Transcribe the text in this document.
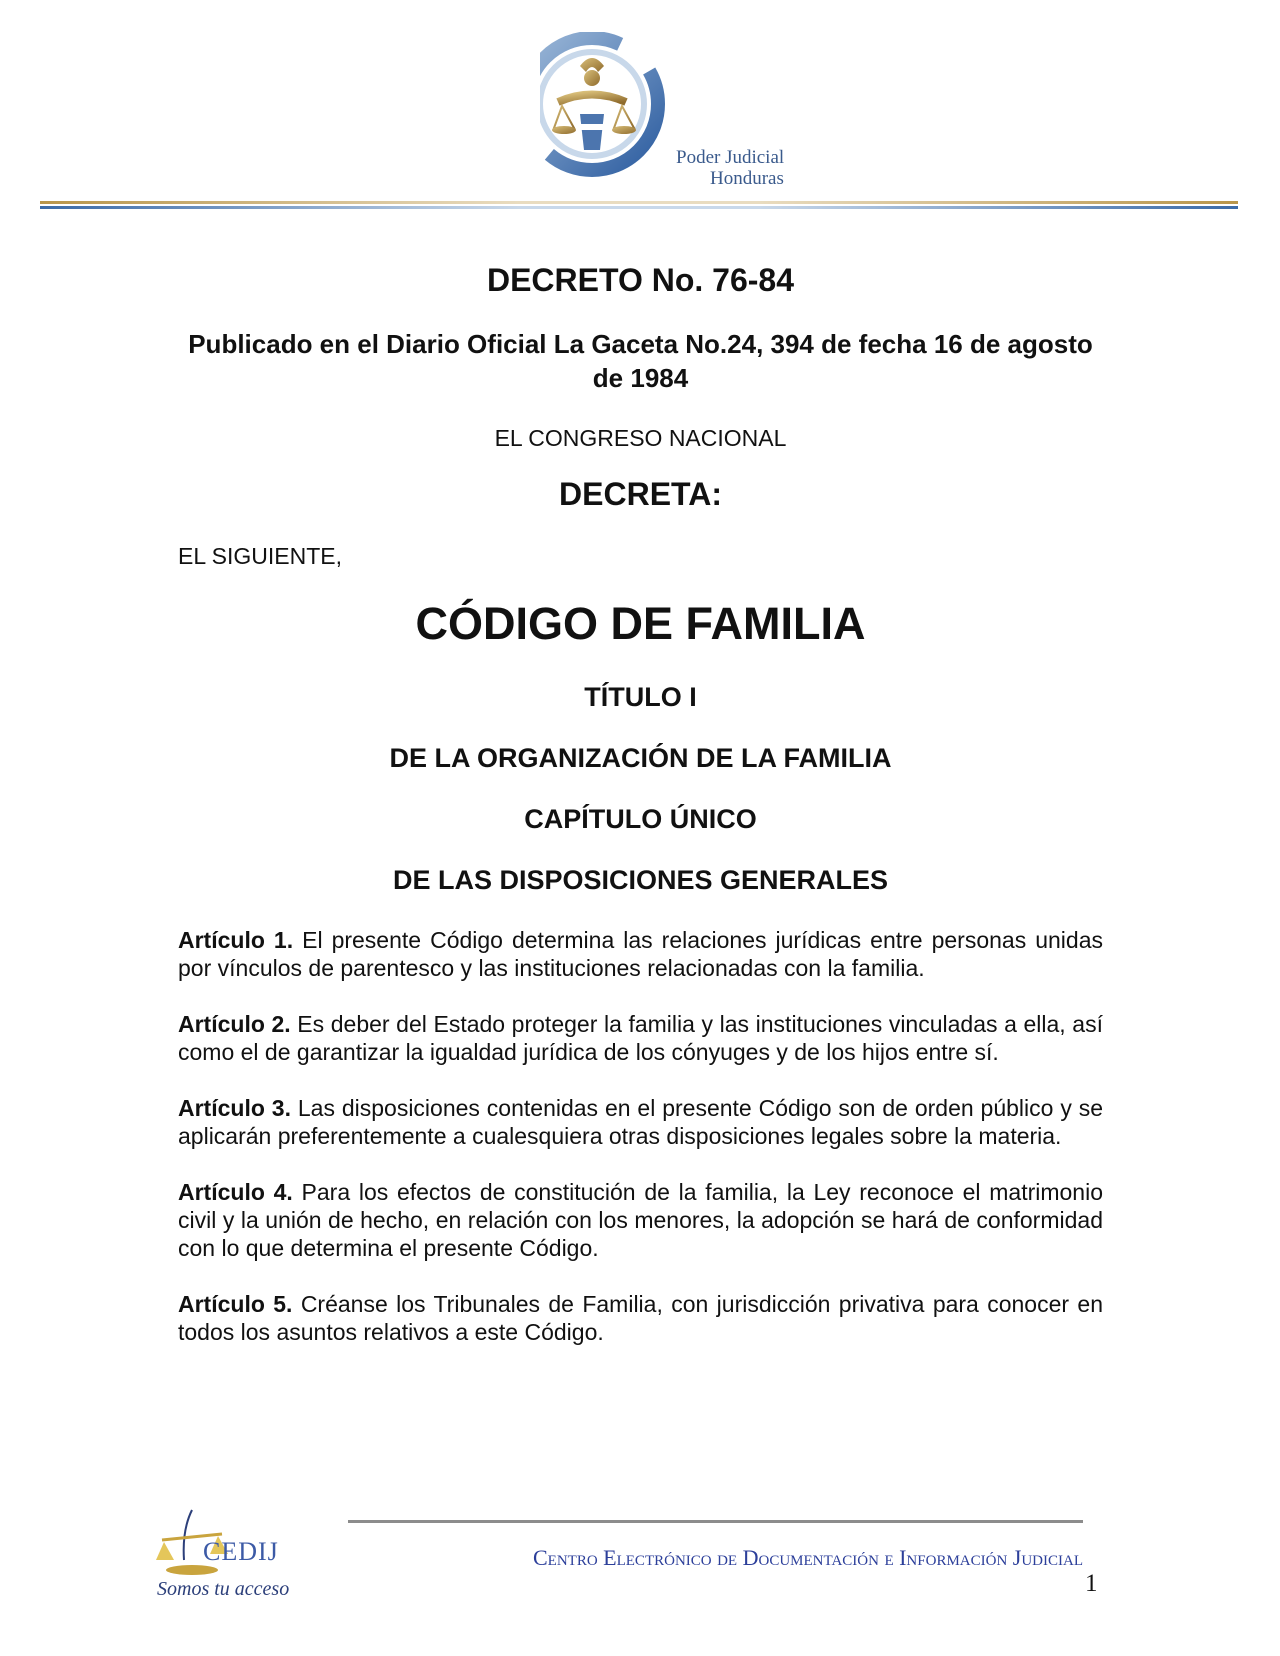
Poder Judicial
Honduras
DECRETO No. 76-84
Publicado en el Diario Oficial La Gaceta No.24, 394 de fecha 16 de agosto de 1984
EL CONGRESO NACIONAL
DECRETA:
EL SIGUIENTE,
CÓDIGO DE FAMILIA
TÍTULO I
DE LA ORGANIZACIÓN DE LA FAMILIA
CAPÍTULO ÚNICO
DE LAS DISPOSICIONES GENERALES

Artículo 1. El presente Código determina las relaciones jurídicas entre personas unidas por vínculos de parentesco y las instituciones relacionadas con la familia.

Artículo 2. Es deber del Estado proteger la familia y las instituciones vinculadas a ella, así como el de garantizar la igualdad jurídica de los cónyuges y de los hijos entre sí.

Artículo 3. Las disposiciones contenidas en el presente Código son de orden público y se aplicarán preferentemente a cualesquiera otras disposiciones legales sobre la materia.

Artículo 4. Para los efectos de constitución de la familia, la Ley reconoce el matrimonio civil y la unión de hecho, en relación con los menores, la adopción se hará de conformidad con lo que determina el presente Código.

Artículo 5. Créanse los Tribunales de Familia, con jurisdicción privativa para conocer en todos los asuntos relativos a este Código.

CEDIJ
Somos tu acceso
Centro Electrónico de Documentación e Información Judicial
1
